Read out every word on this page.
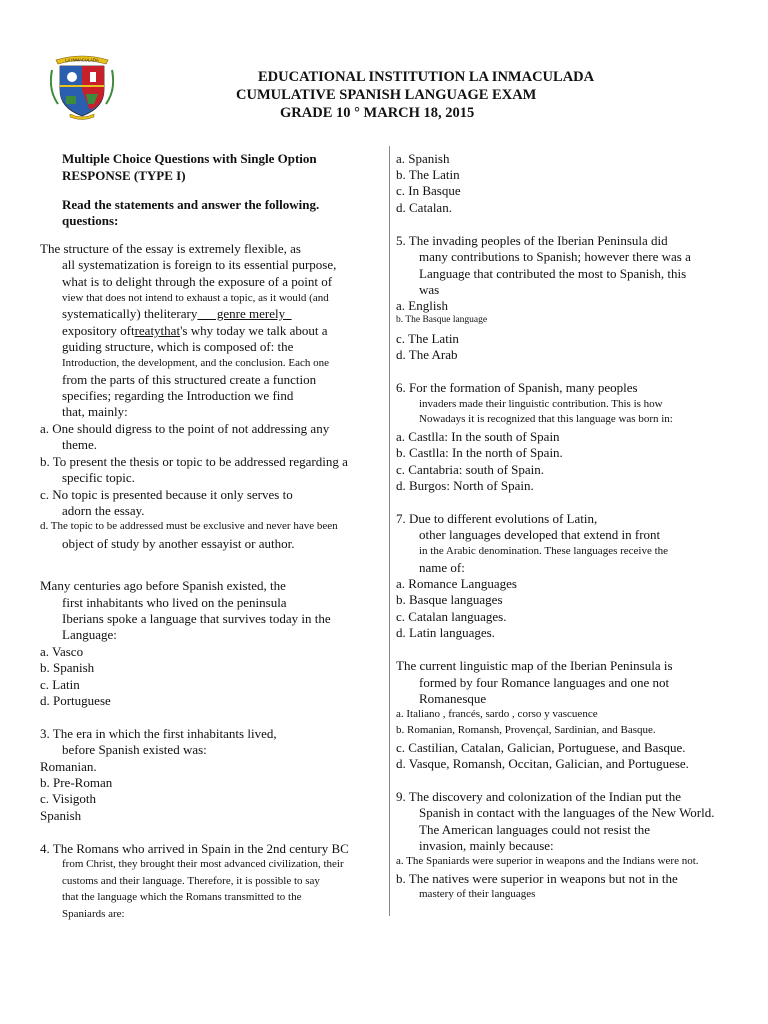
LA INMACULADA
EDUCATIONAL INSTITUTION LA INMACULADA
CUMULATIVE SPANISH LANGUAGE EXAM
GRADE 10 ° MARCH 18, 2015
Multiple Choice Questions with Single Option
RESPONSE (TYPE I)
Read the statements and answer the following.
questions:
The structure of the essay is extremely flexible, as
all systematization is foreign to its essential purpose,
what is to delight through the exposure of a point of
view that does not intend to exhaust a topic, as it would (and
systematically) theliterary      genre merely
expository oftreatythat's why today we talk about a
guiding structure, which is composed of: the
Introduction, the development, and the conclusion. Each one
from the parts of this structured create a function
specifies; regarding the Introduction we find
that, mainly:
a. One should digress to the point of not addressing any
theme.
b. To present the thesis or topic to be addressed regarding a
specific topic.
c. No topic is presented because it only serves to
adorn the essay.
d. The topic to be addressed must be exclusive and never have been
object of study by another essayist or author.
Many centuries ago before Spanish existed, the
first inhabitants who lived on the peninsula
Iberians spoke a language that survives today in the
Language:
a. Vasco
b. Spanish
c. Latin
d. Portuguese
3. The era in which the first inhabitants lived,
before Spanish existed was:
Romanian.
b. Pre-Roman
c. Visigoth
Spanish
4. The Romans who arrived in Spain in the 2nd century BC
from Christ, they brought their most advanced civilization, their
customs and their language. Therefore, it is possible to say
that the language which the Romans transmitted to the
Spaniards are:
a. Spanish
b. The Latin
c. In Basque
d. Catalan.
5. The invading peoples of the Iberian Peninsula did
many contributions to Spanish; however there was a
Language that contributed the most to Spanish, this
was
a. English
b. The Basque language
c. The Latin
d. The Arab
6. For the formation of Spanish, many peoples
invaders made their linguistic contribution. This is how
Nowadays it is recognized that this language was born in:
a. Castlla: In the south of Spain
b. Castlla: In the north of Spain.
c. Cantabria: south of Spain.
d. Burgos: North of Spain.
7. Due to different evolutions of Latin,
other languages developed that extend in front
in the Arabic denomination. These languages receive the
name of:
a. Romance Languages
b. Basque languages
c. Catalan languages.
d. Latin languages.
The current linguistic map of the Iberian Peninsula is
formed by four Romance languages and one not
Romanesque
a. Italiano , francés, sardo , corso y vascuence
b. Romanian, Romansh, Provençal, Sardinian, and Basque.
c. Castilian, Catalan, Galician, Portuguese, and Basque.
d. Vasque, Romansh, Occitan, Galician, and Portuguese.
9. The discovery and colonization of the Indian put the
Spanish in contact with the languages of the New World.
The American languages could not resist the
invasion, mainly because:
a. The Spaniards were superior in weapons and the Indians were not.
b. The natives were superior in weapons but not in the
mastery of their languages
